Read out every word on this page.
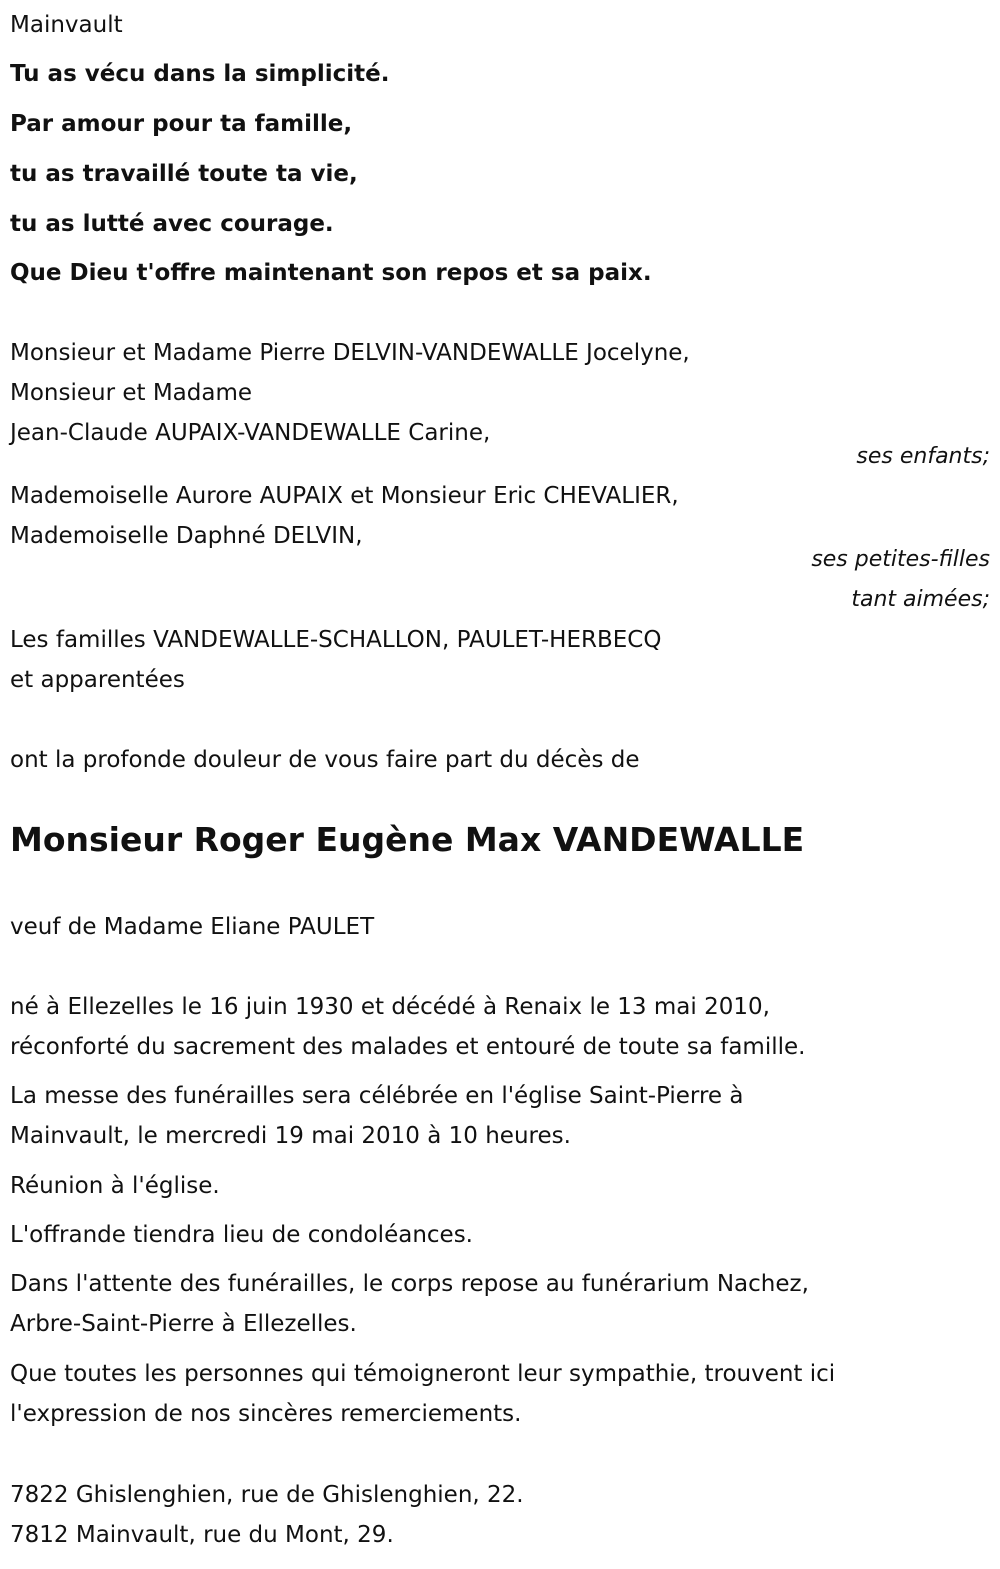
Mainvault
Tu as vécu dans la simplicité.
Par amour pour ta famille,
tu as travaillé toute ta vie,
tu as lutté avec courage.
Que Dieu t'offre maintenant son repos et sa paix.
Monsieur et Madame Pierre DELVIN-VANDEWALLE Jocelyne,
Monsieur et Madame
Jean-Claude AUPAIX-VANDEWALLE Carine,
ses enfants;
Mademoiselle Aurore AUPAIX et Monsieur Eric CHEVALIER,
Mademoiselle Daphné DELVIN,
ses petites-filles
tant aimées;
Les familles VANDEWALLE-SCHALLON, PAULET-HERBECQ
et apparentées
ont la profonde douleur de vous faire part du décès de
Monsieur Roger Eugène Max VANDEWALLE
veuf de Madame Eliane PAULET
né à Ellezelles le 16 juin 1930 et décédé à Renaix le 13 mai 2010,
réconforté du sacrement des malades et entouré de toute sa famille.
La messe des funérailles sera célébrée en l'église Saint-Pierre à
Mainvault, le mercredi 19 mai 2010 à 10 heures.
Réunion à l'église.
L'offrande tiendra lieu de condoléances.
Dans l'attente des funérailles, le corps repose au funérarium Nachez,
Arbre-Saint-Pierre à Ellezelles.
Que toutes les personnes qui témoigneront leur sympathie, trouvent ici
l'expression de nos sincères remerciements.
7822 Ghislenghien, rue de Ghislenghien, 22.
7812 Mainvault, rue du Mont, 29.
